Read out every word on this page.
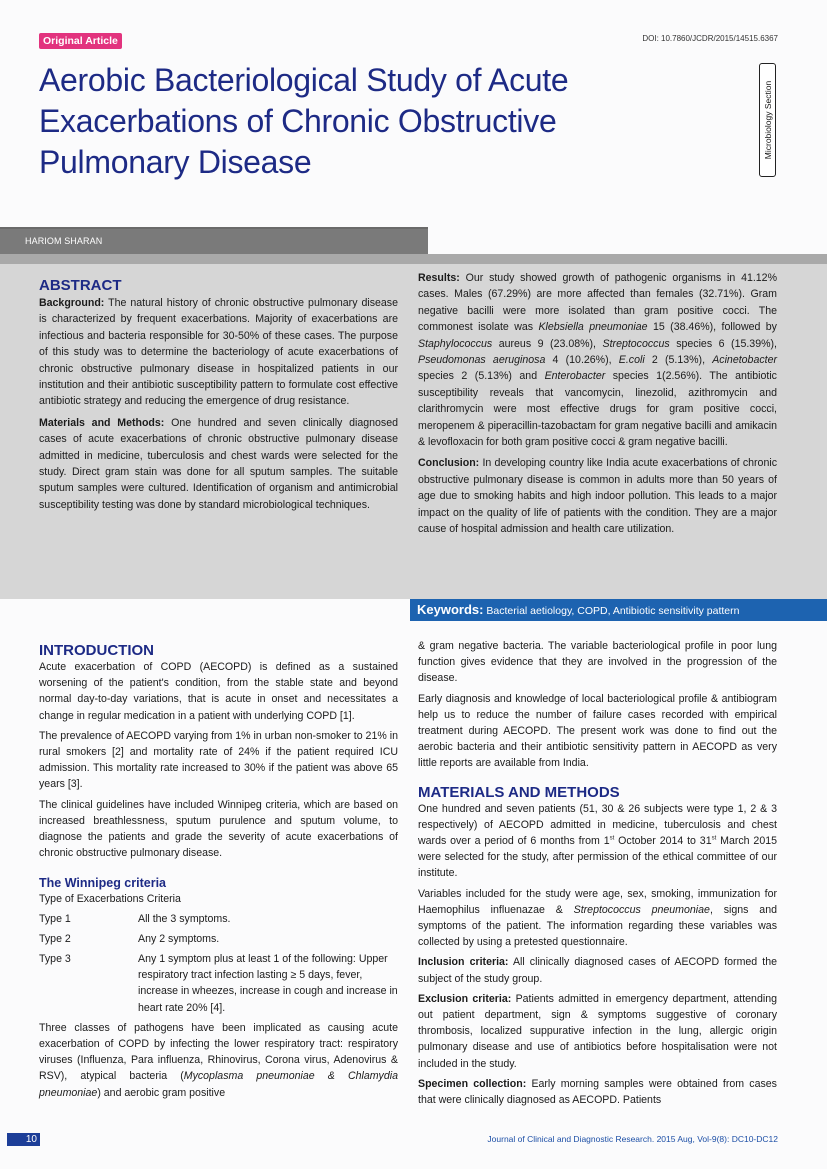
Original Article	DOI: 10.7860/JCDR/2015/14515.6367
Aerobic Bacteriological Study of Acute Exacerbations of Chronic Obstructive Pulmonary Disease
Microbiology Section
HARIOM SHARAN
ABSTRACT

Background: The natural history of chronic obstructive pulmonary disease is characterized by frequent exacerbations. Majority of exacerbations are infectious and bacteria responsible for 30-50% of these cases. The purpose of this study was to determine the bacteriology of acute exacerbations of chronic obstructive pulmonary disease in hospitalized patients in our institution and their antibiotic susceptibility pattern to formulate cost effective antibiotic strategy and reducing the emergence of drug resistance.

Materials and Methods: One hundred and seven clinically diagnosed cases of acute exacerbations of chronic obstructive pulmonary disease admitted in medicine, tuberculosis and chest wards were selected for the study. Direct gram stain was done for all sputum samples. The suitable sputum samples were cultured. Identification of organism and antimicrobial susceptibility testing was done by standard microbiological techniques.

Results: Our study showed growth of pathogenic organisms in 41.12% cases. Males (67.29%) are more affected than females (32.71%). Gram negative bacilli were more isolated than gram positive cocci. The commonest isolate was Klebsiella pneumoniae 15 (38.46%), followed by Staphylococcus aureus 9 (23.08%), Streptococcus species 6 (15.39%), Pseudomonas aeruginosa 4 (10.26%), E.coli 2 (5.13%), Acinetobacter species 2 (5.13%) and Enterobacter species 1(2.56%). The antibiotic susceptibility reveals that vancomycin, linezolid, azithromycin and clarithromycin were most effective drugs for gram positive cocci, meropenem & piperacillin-tazobactam for gram negative bacilli and amikacin & levofloxacin for both gram positive cocci & gram negative bacilli.

Conclusion: In developing country like India acute exacerbations of chronic obstructive pulmonary disease is common in adults more than 50 years of age due to smoking habits and high indoor pollution. This leads to a major impact on the quality of life of patients with the condition. They are a major cause of hospital admission and health care utilization.

Keywords: Bacterial aetiology, COPD, Antibiotic sensitivity pattern
INTRODUCTION

Acute exacerbation of COPD (AECOPD) is defined as a sustained worsening of the patient's condition, from the stable state and beyond normal day-to-day variations, that is acute in onset and necessitates a change in regular medication in a patient with underlying COPD [1].

The prevalence of AECOPD varying from 1% in urban non-smoker to 21% in rural smokers [2] and mortality rate of 24% if the patient required ICU admission. This mortality rate increased to 30% if the patient was above 65 years [3].

The clinical guidelines have included Winnipeg criteria, which are based on increased breathlessness, sputum purulence and sputum volume, to diagnose the patients and grade the severity of acute exacerbations of chronic obstructive pulmonary disease.

The Winnipeg criteria

Type of Exacerbations Criteria

Type 1	All the 3 symptoms.
Type 2	Any 2 symptoms.
Type 3	Any 1 symptom plus at least 1 of the following: Upper respiratory tract infection lasting ≥ 5 days, fever, increase in wheezes, increase in cough and increase in heart rate 20% [4].

Three classes of pathogens have been implicated as causing acute exacerbation of COPD by infecting the lower respiratory tract: respiratory viruses (Influenza, Para influenza, Rhinovirus, Corona virus, Adenovirus & RSV), atypical bacteria (Mycoplasma pneumoniae & Chlamydia pneumoniae) and aerobic gram positive

& gram negative bacteria. The variable bacteriological profile in poor lung function gives evidence that they are involved in the progression of the disease.

Early diagnosis and knowledge of local bacteriological profile & antibiogram help us to reduce the number of failure cases recorded with empirical treatment during AECOPD. The present work was done to find out the aerobic bacteria and their antibiotic sensitivity pattern in AECOPD as very little reports are available from India.

MATERIALS AND METHODS

One hundred and seven patients (51, 30 & 26 subjects were type 1, 2 & 3 respectively) of AECOPD admitted in medicine, tuberculosis and chest wards over a period of 6 months from 1st October 2014 to 31st March 2015 were selected for the study, after permission of the ethical committee of our institute.

Variables included for the study were age, sex, smoking, immunization for Haemophilus influenazae & Streptococcus pneumoniae, signs and symptoms of the patient. The information regarding these variables was collected by using a pretested questionnaire.

Inclusion criteria: All clinically diagnosed cases of AECOPD formed the subject of the study group.

Exclusion criteria: Patients admitted in emergency department, attending out patient department, sign & symptoms suggestive of coronary thrombosis, localized suppurative infection in the lung, allergic origin pulmonary disease and use of antibiotics before hospitalisation were not included in the study.

Specimen collection: Early morning samples were obtained from cases that were clinically diagnosed as AECOPD. Patients

10	Journal of Clinical and Diagnostic Research. 2015 Aug, Vol-9(8): DC10-DC12
